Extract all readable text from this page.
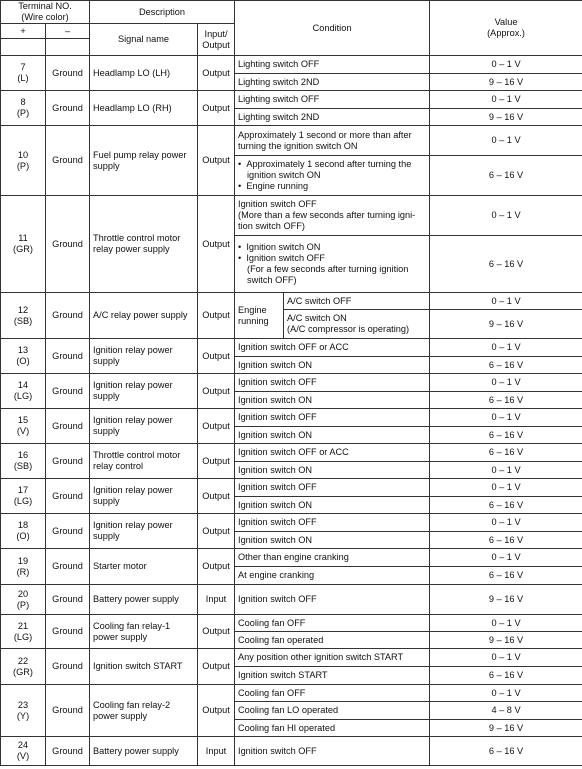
Terminal NO.
(Wire color)		Description		Condition		Value
(Approx.)
+	–	Signal name	Input/
Output			

7
(L)	Ground	Headlamp LO (LH)	Output	Lighting switch OFF		0 – 1 V
				Lighting switch 2ND		9 – 16 V
8
(P)	Ground	Headlamp LO (RH)	Output	Lighting switch OFF		0 – 1 V
				Lighting switch 2ND		9 – 16 V
10
(P)	Ground	Fuel pump relay power supply	Output	Approximately 1 second or more than after
turning the ignition switch ON		0 – 1 V

				•  Approximately 1 second after turning the ignition switch ON
•  Engine running		6 – 16 V
11
(GR)	Ground	Throttle control motor relay power supply	Output	Ignition switch OFF
(More than a few seconds after turning igni-
tion switch OFF)		0 – 1 V

				•  Ignition switch ON
•  Ignition switch OFF
(For a few seconds after turning ignition switch OFF)		6 – 16 V
12
(SB)	Ground	A/C relay power supply	Output	Engine
running	A/C switch OFF	0 – 1 V
					A/C switch ON
(A/C compressor is operating)	9 – 16 V
13
(O)	Ground	Ignition relay power supply	Output	Ignition switch OFF or ACC		0 – 1 V
				Ignition switch ON		6 – 16 V
14
(LG)	Ground	Ignition relay power supply	Output	Ignition switch OFF		0 – 1 V
				Ignition switch ON		6 – 16 V
15
(V)	Ground	Ignition relay power supply	Output	Ignition switch OFF		0 – 1 V
				Ignition switch ON		6 – 16 V
16
(SB)	Ground	Throttle control motor relay control	Output	Ignition switch OFF or ACC		6 – 16 V
				Ignition switch ON		0 – 1 V
17
(LG)	Ground	Ignition relay power supply	Output	Ignition switch OFF		0 – 1 V
				Ignition switch ON		6 – 16 V
18
(O)	Ground	Ignition relay power supply	Output	Ignition switch OFF		0 – 1 V
				Ignition switch ON		6 – 16 V
19
(R)	Ground	Starter motor	Output	Other than engine cranking		0 – 1 V
				At engine cranking		6 – 16 V
20
(P)	Ground	Battery power supply	Input	Ignition switch OFF		9 – 16 V
21
(LG)	Ground	Cooling fan relay-1 power supply	Output	Cooling fan OFF		0 – 1 V
				Cooling fan operated		9 – 16 V
22
(GR)	Ground	Ignition switch START	Output	Any position other ignition switch START		0 – 1 V
				Ignition switch START		6 – 16 V
23
(Y)	Ground	Cooling fan relay-2 power supply	Output	Cooling fan OFF		0 – 1 V
				Cooling fan LO operated		4 – 8 V
				Cooling fan HI operated		9 – 16 V
24
(V)	Ground	Battery power supply	Input	Ignition switch OFF		6 – 16 V
